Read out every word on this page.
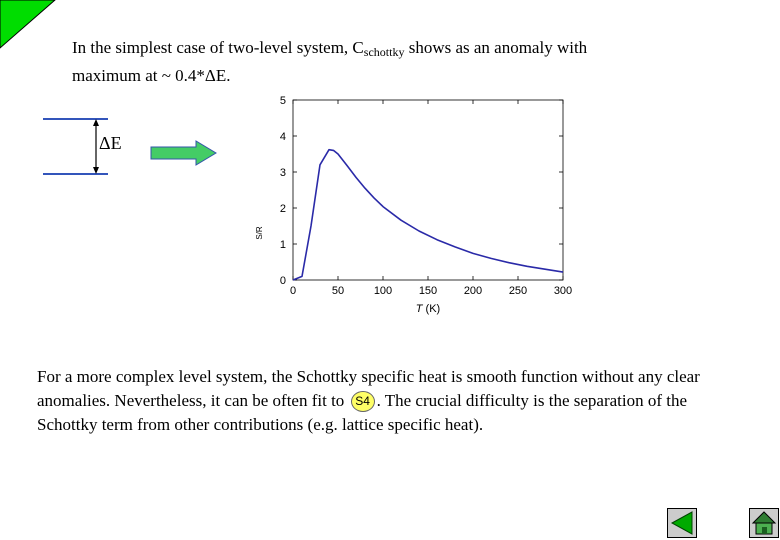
In the simplest case of two-level system, $C_{schottky}$ shows as an anomaly with
maximum at ~ 0.4*ΔE.
ΔE
0	50	100 150 200 250 300
0
1
2
3
4
5
T (K)
S/R
For a more complex level system, the Schottky specific heat is smooth function without any clear anomalies. Nevertheless, it can be often fit to S4 . The crucial difficulty is the separation of the Schottky term from other contributions (e.g. lattice specific heat).
